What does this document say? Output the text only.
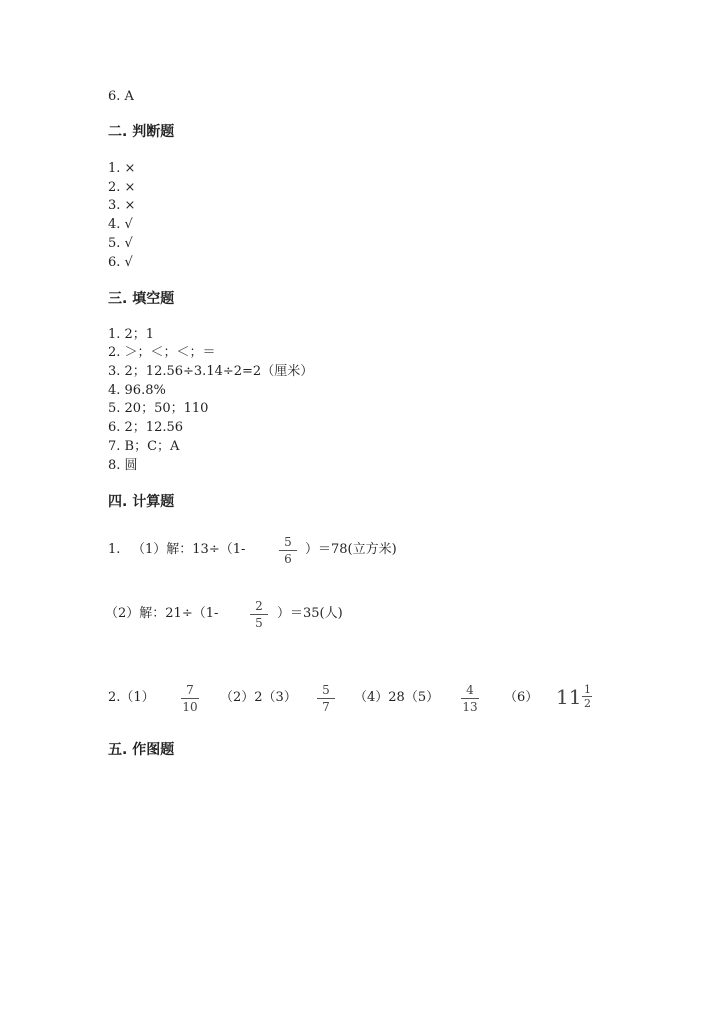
6. A
二. 判断题
1. ×
2. ×
3. ×
4. √
5. √
6. √
三. 填空题
1. 2；1
2. ＞；＜；＜；＝
3. 2；12.56÷3.14÷2=2（厘米）
4. 96.8%
5. 20；50；110
6. 2；12.56
7. B；C；A
8. 圆
四. 计算题
1. （1）解：13÷（1-	5
6
）＝78(立方米)
（2）解：21÷（1-	2
5
）＝35(人)
2.（1）	7
10
（2）2（3）	5
7
（4）28（5）	4
13
（6） $11\frac{1}{2}$
五. 作图题
